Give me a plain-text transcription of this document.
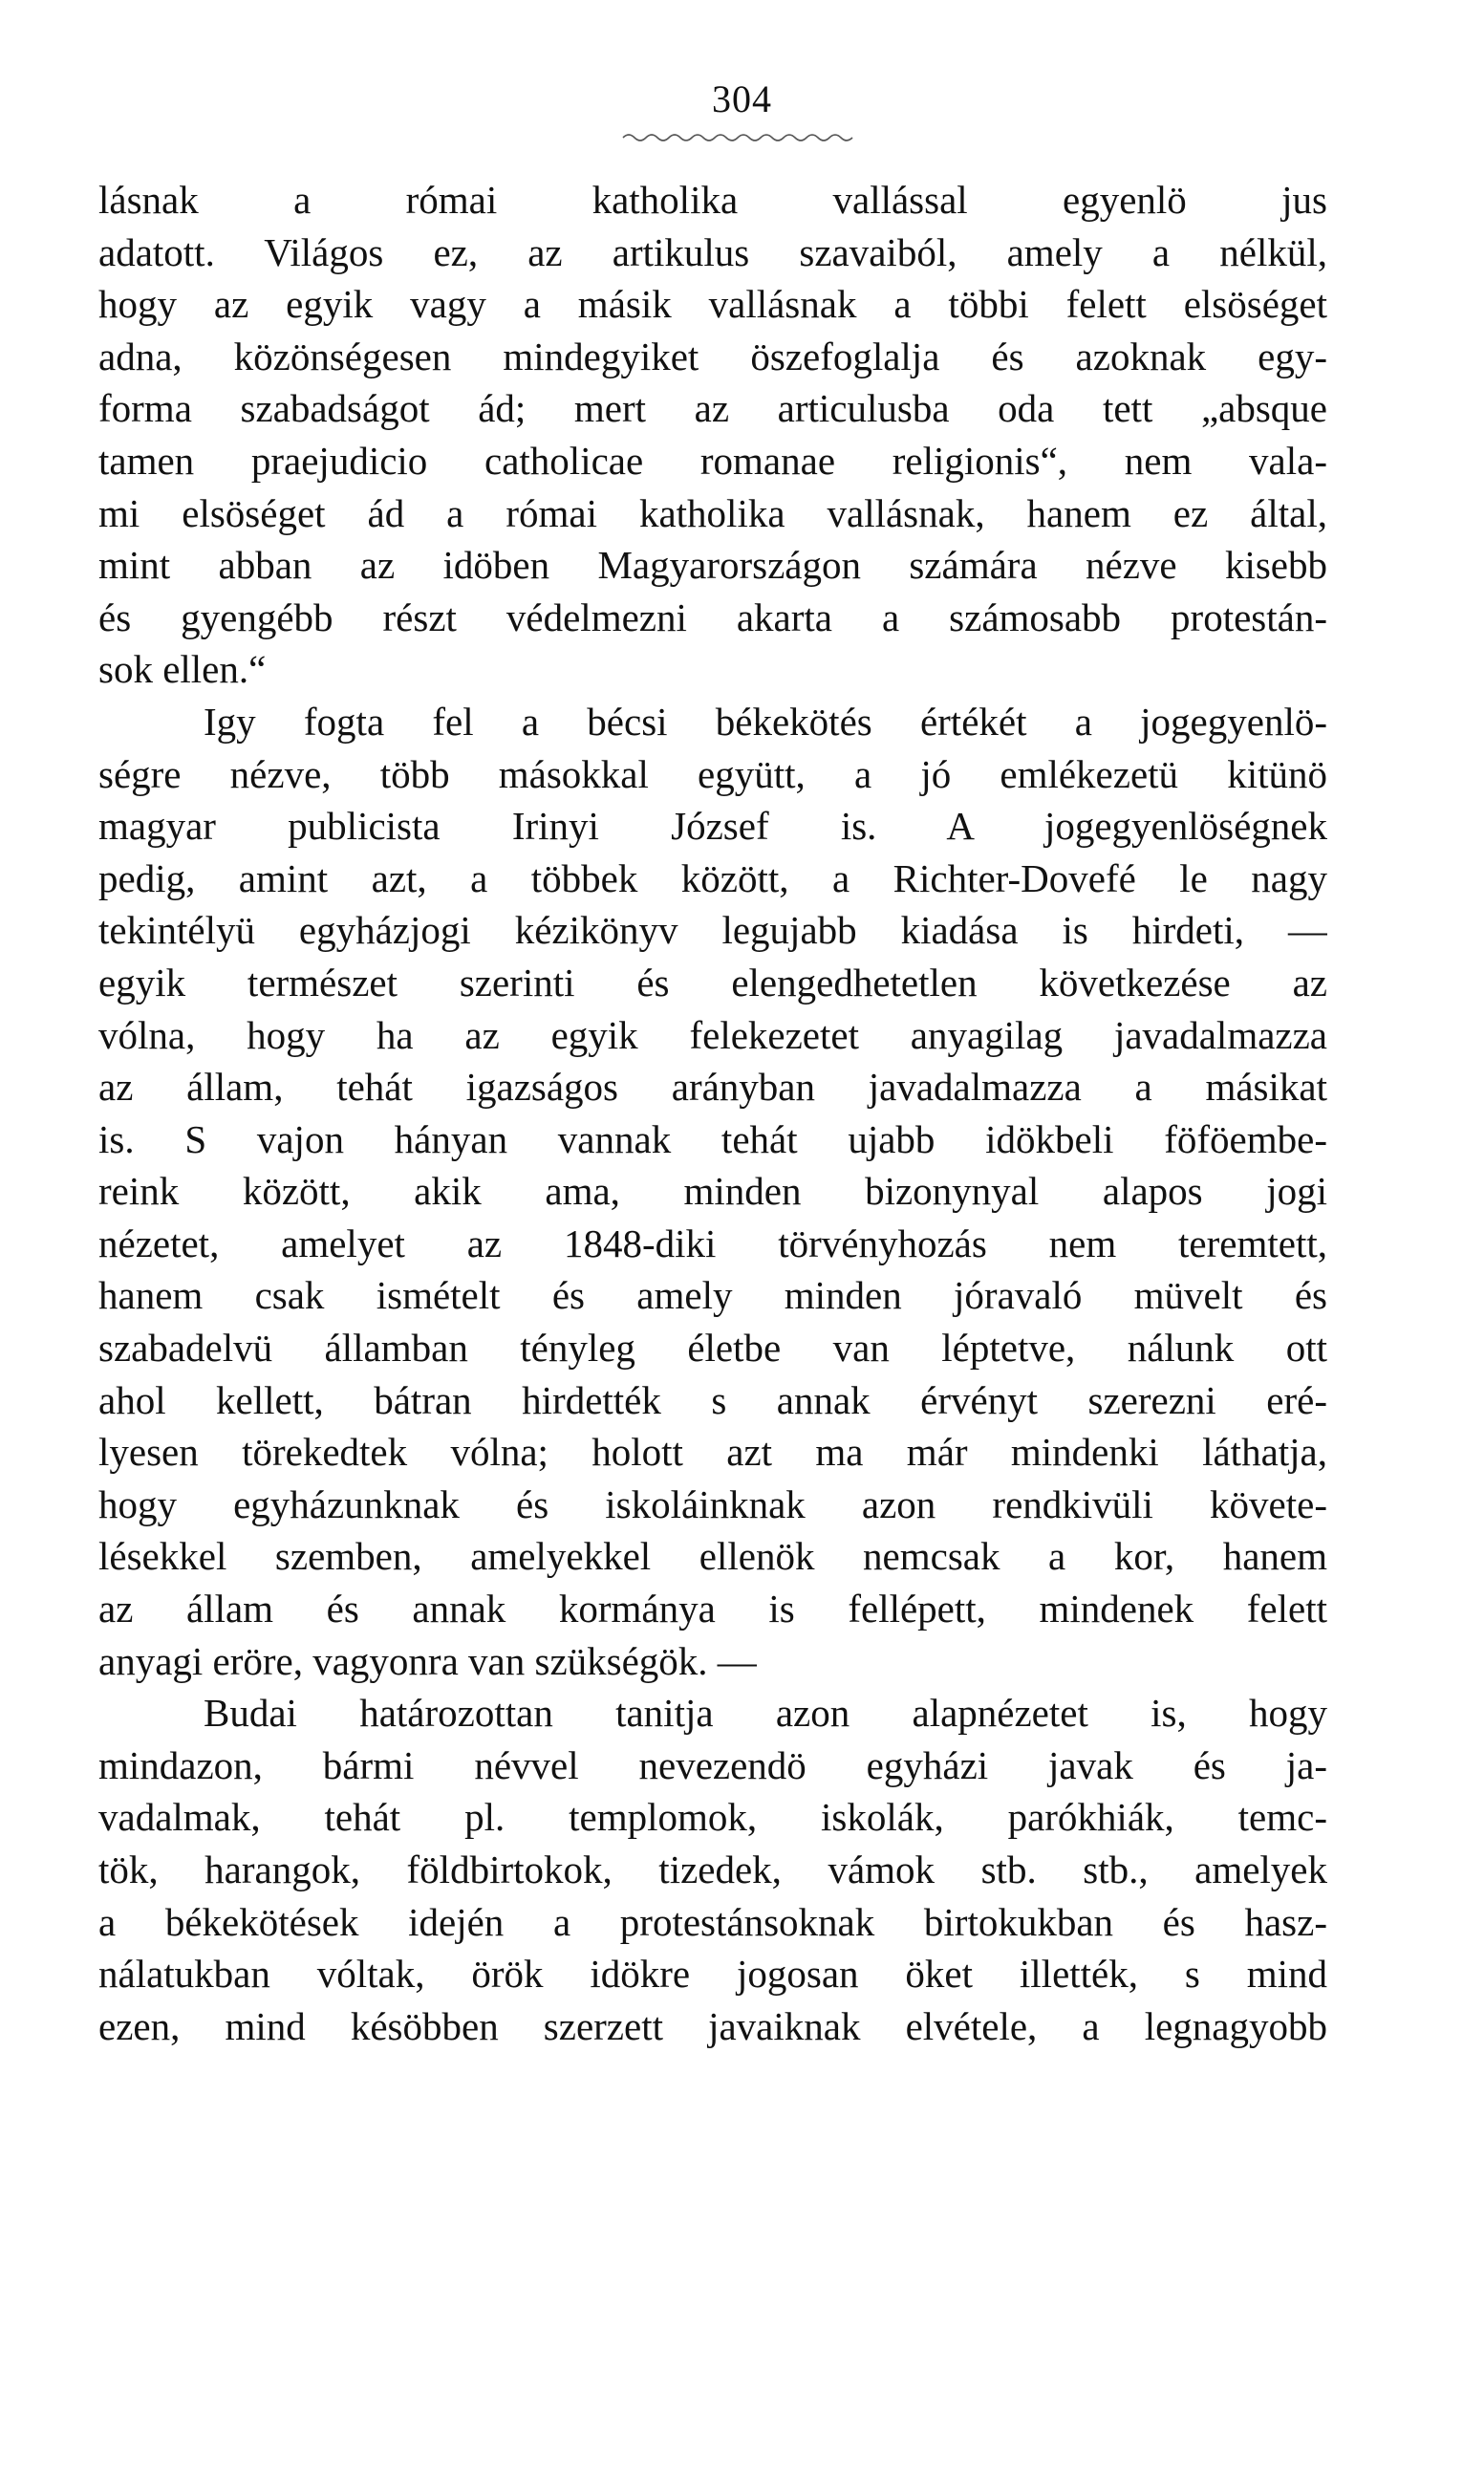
304
lásnak a római katholika vallással egyenlö jus
adatott. Világos ez, az artikulus szavaiból, amely a nélkül,
hogy az egyik vagy a másik vallásnak a többi felett elsöséget
adna, közönségesen mindegyiket öszefoglalja és azoknak egy-
forma szabadságot ád; mert az articulusba oda tett „absque
tamen praejudicio catholicae romanae religionis“, nem vala-
mi elsöséget ád a római katholika vallásnak, hanem ez által,
mint abban az idöben Magyarországon számára nézve kisebb
és gyengébb részt védelmezni akarta a számosabb protestán-
sok ellen.“
Igy fogta fel a bécsi békekötés értékét a jogegyenlö-
ségre nézve, több másokkal együtt, a jó emlékezetü kitünö
magyar publicista Irinyi József is. A jogegyenlöségnek
pedig, amint azt, a többek között, a Richter-Dovefé le nagy
tekintélyü egyházjogi kézikönyv legujabb kiadása is hirdeti, —
egyik természet szerinti és elengedhetetlen következése az
vólna, hogy ha az egyik felekezetet anyagilag javadalmazza
az állam, tehát igazságos arányban javadalmazza a másikat
is. S vajon hányan vannak tehát ujabb idökbeli föföembe-
reink között, akik ama, minden bizonynyal alapos jogi
nézetet, amelyet az 1848-diki törvényhozás nem teremtett,
hanem csak ismételt és amely minden jóravaló müvelt és
szabadelvü államban tényleg életbe van léptetve, nálunk ott
ahol kellett, bátran hirdették s annak érvényt szerezni eré-
lyesen törekedtek vólna; holott azt ma már mindenki láthatja,
hogy egyházunknak és iskoláinknak azon rendkivüli követe-
lésekkel szemben, amelyekkel ellenök nemcsak a kor, hanem
az állam és annak kormánya is fellépett, mindenek felett
anyagi eröre, vagyonra van szükségök. —
Budai határozottan tanitja azon alapnézetet is, hogy
mindazon, bármi névvel nevezendö egyházi javak és ja-
vadalmak, tehát pl. templomok, iskolák, parókhiák, temc-
tök, harangok, földbirtokok, tizedek, vámok stb. stb., amelyek
a békekötések idején a protestánsoknak birtokukban és hasz-
nálatukban vóltak, örök idökre jogosan öket illették, s mind
ezen, mind késöbben szerzett javaiknak elvétele, a legnagyobb
